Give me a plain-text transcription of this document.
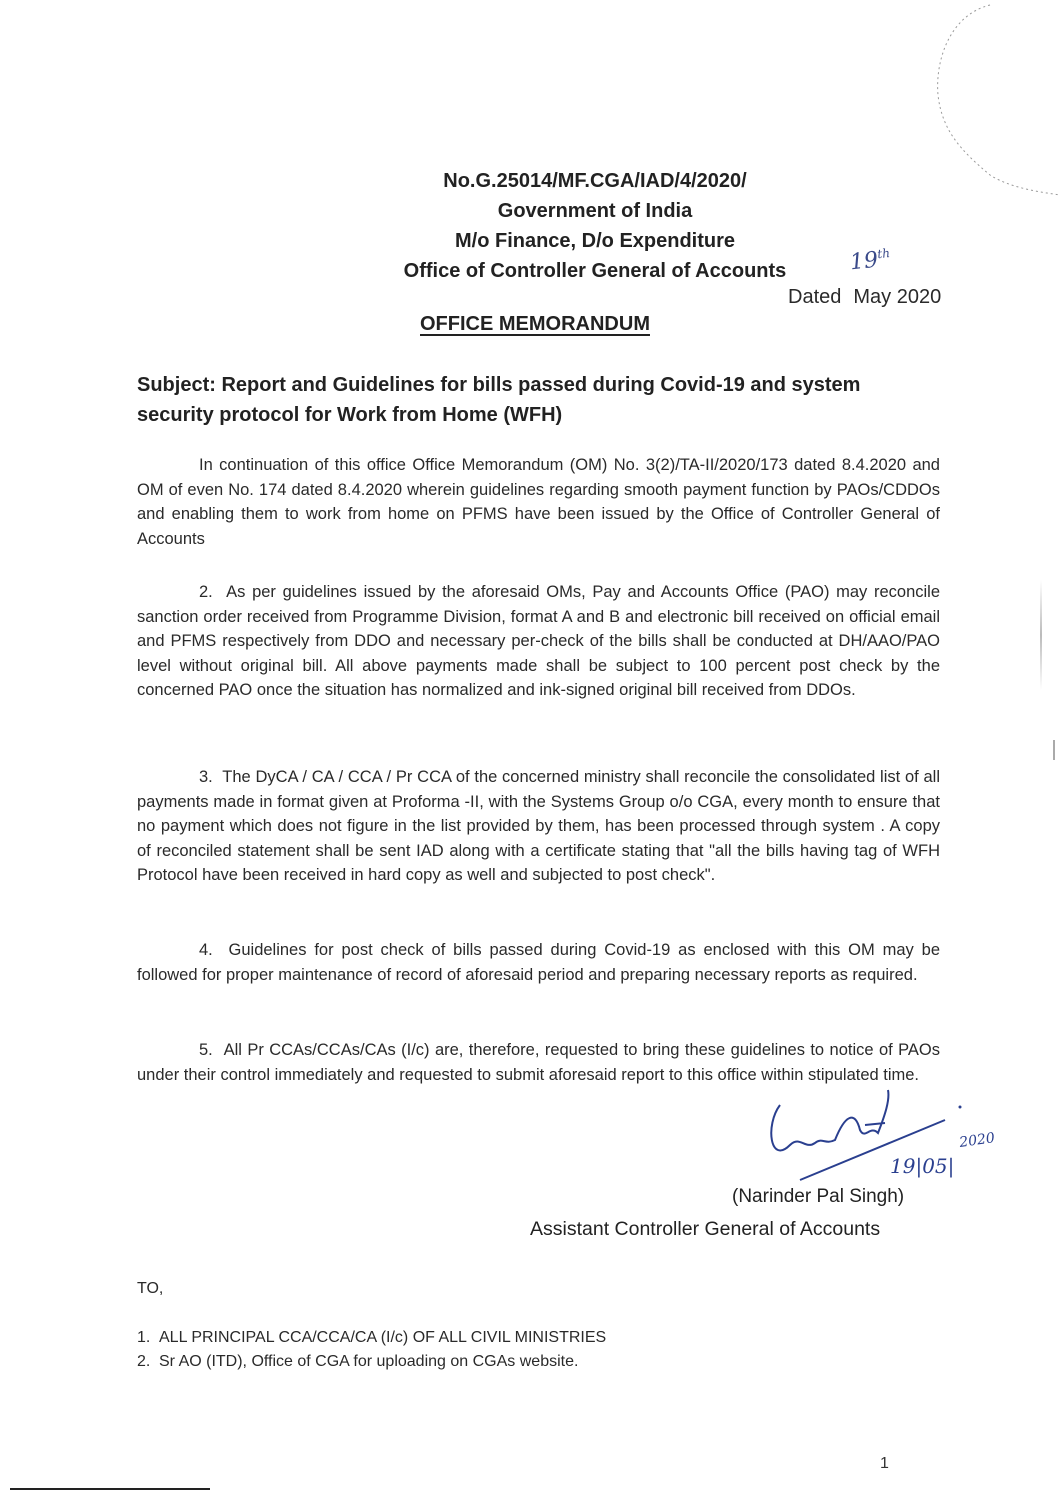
No.G.25014/MF.CGA/IAD/4/2020/
Government of India
M/o Finance, D/o Expenditure
Office of Controller General of Accounts	19th
Dated May 2020
OFFICE MEMORANDUM
Subject: Report and Guidelines for bills passed during Covid-19 and system security protocol for Work from Home (WFH)
In continuation of this office Office Memorandum (OM) No. 3(2)/TA-II/2020/173 dated 8.4.2020 and OM of even No. 174 dated 8.4.2020 wherein guidelines regarding smooth payment function by PAOs/CDDOs and enabling them to work from home on PFMS have been issued by the Office of Controller General of Accounts
2. As per guidelines issued by the aforesaid OMs, Pay and Accounts Office (PAO) may reconcile sanction order received from Programme Division, format A and B and electronic bill received on official email and PFMS respectively from DDO and necessary per-check of the bills shall be conducted at DH/AAO/PAO level without original bill. All above payments made shall be subject to 100 percent post check by the concerned PAO once the situation has normalized and ink-signed original bill received from DDOs.
3. The DyCA / CA / CCA / Pr CCA of the concerned ministry shall reconcile the consolidated list of all payments made in format given at Proforma -II, with the Systems Group o/o CGA, every month to ensure that no payment which does not figure in the list provided by them, has been processed through system . A copy of reconciled statement shall be sent IAD along with a certificate stating that "all the bills having tag of WFH Protocol have been received in hard copy as well and subjected to post check".
4. Guidelines for post check of bills passed during Covid-19 as enclosed with this OM may be followed for proper maintenance of record of aforesaid period and preparing necessary reports as required.
5. All Pr CCAs/CCAs/CAs (I/c) are, therefore, requested to bring these guidelines to notice of PAOs under their control immediately and requested to submit aforesaid report to this office within stipulated time.
19|05|
2020
(Narinder Pal Singh)
Assistant Controller General of Accounts
TO,
1. ALL PRINCIPAL CCA/CCA/CA (I/c) OF ALL CIVIL MINISTRIES
2. Sr AO (ITD), Office of CGA for uploading on CGAs website.
1
